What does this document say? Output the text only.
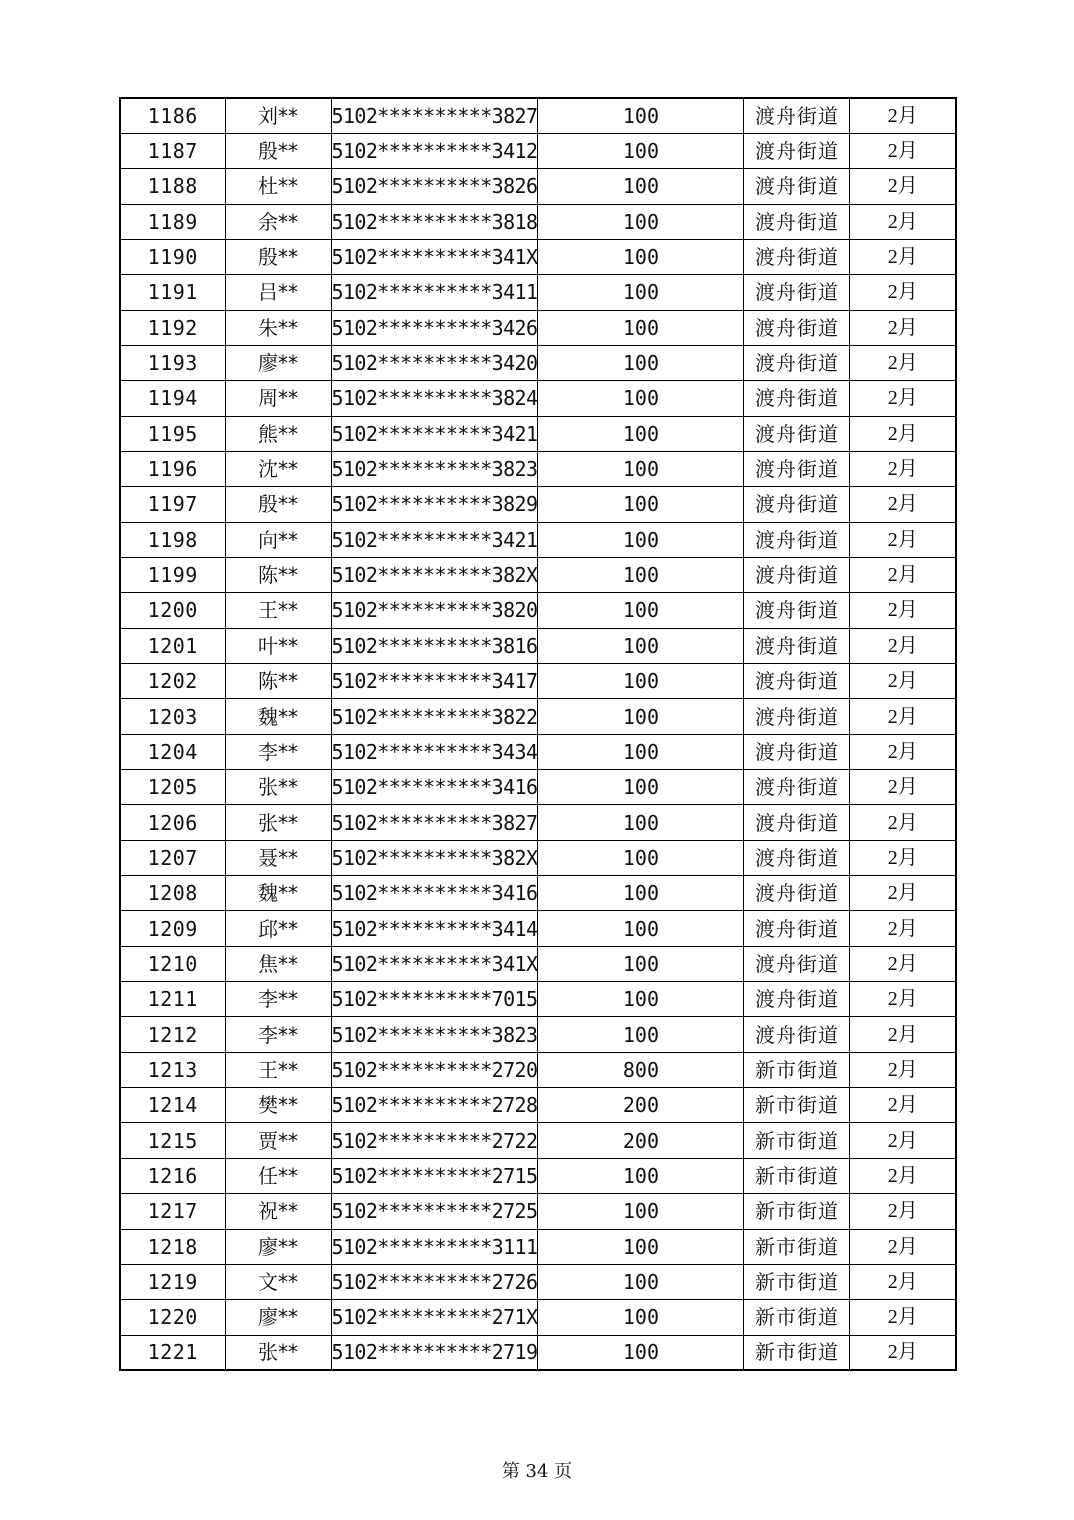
1186	刘**	5102**********3827	100	渡舟街道	2月
1187	殷**	5102**********3412	100	渡舟街道	2月
1188	杜**	5102**********3826	100	渡舟街道	2月
1189	余**	5102**********3818	100	渡舟街道	2月
1190	殷**	5102**********341X	100	渡舟街道	2月
1191	吕**	5102**********3411	100	渡舟街道	2月
1192	朱**	5102**********3426	100	渡舟街道	2月
1193	廖**	5102**********3420	100	渡舟街道	2月
1194	周**	5102**********3824	100	渡舟街道	2月
1195	熊**	5102**********3421	100	渡舟街道	2月
1196	沈**	5102**********3823	100	渡舟街道	2月
1197	殷**	5102**********3829	100	渡舟街道	2月
1198	向**	5102**********3421	100	渡舟街道	2月
1199	陈**	5102**********382X	100	渡舟街道	2月
1200	王**	5102**********3820	100	渡舟街道	2月
1201	叶**	5102**********3816	100	渡舟街道	2月
1202	陈**	5102**********3417	100	渡舟街道	2月
1203	魏**	5102**********3822	100	渡舟街道	2月
1204	李**	5102**********3434	100	渡舟街道	2月
1205	张**	5102**********3416	100	渡舟街道	2月
1206	张**	5102**********3827	100	渡舟街道	2月
1207	聂**	5102**********382X	100	渡舟街道	2月
1208	魏**	5102**********3416	100	渡舟街道	2月
1209	邱**	5102**********3414	100	渡舟街道	2月
1210	焦**	5102**********341X	100	渡舟街道	2月
1211	李**	5102**********7015	100	渡舟街道	2月
1212	李**	5102**********3823	100	渡舟街道	2月
1213	王**	5102**********2720	800	新市街道	2月
1214	樊**	5102**********2728	200	新市街道	2月
1215	贾**	5102**********2722	200	新市街道	2月
1216	任**	5102**********2715	100	新市街道	2月
1217	祝**	5102**********2725	100	新市街道	2月
1218	廖**	5102**********3111	100	新市街道	2月
1219	文**	5102**********2726	100	新市街道	2月
1220	廖**	5102**********271X	100	新市街道	2月
1221	张**	5102**********2719	100	新市街道	2月
第 34 页
